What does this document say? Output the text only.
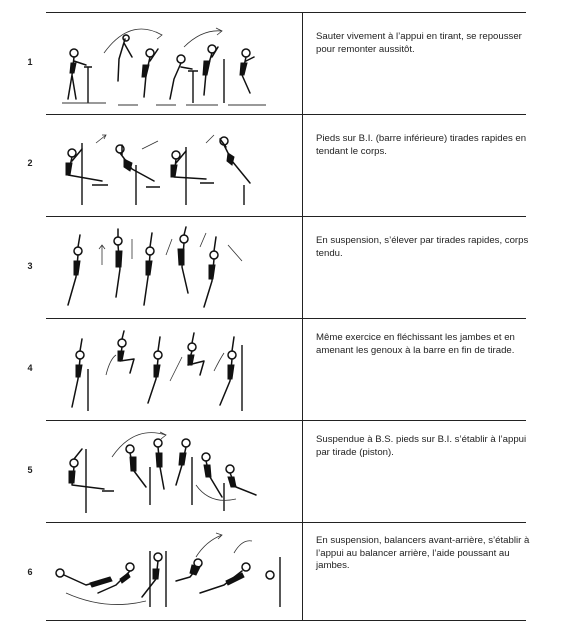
1
Sauter vivement à l’appui en tirant, se repousser pour remonter aussitôt.
2
Pieds sur B.I. (barre inférieure) tirades rapides en tendant le corps.
3
En suspension, s’élever par tirades rapides, corps tendu.
4
Même exercice en fléchissant les jambes et en amenant les genoux à la barre en fin de tirade.
5
Suspendue à B.S. pieds sur B.I. s’établir à l’appui par tirade (piston).
6
En suspension, balancers avant-arrière, s’établir à l’appui au balancer arrière, l’aide poussant au jambes.
